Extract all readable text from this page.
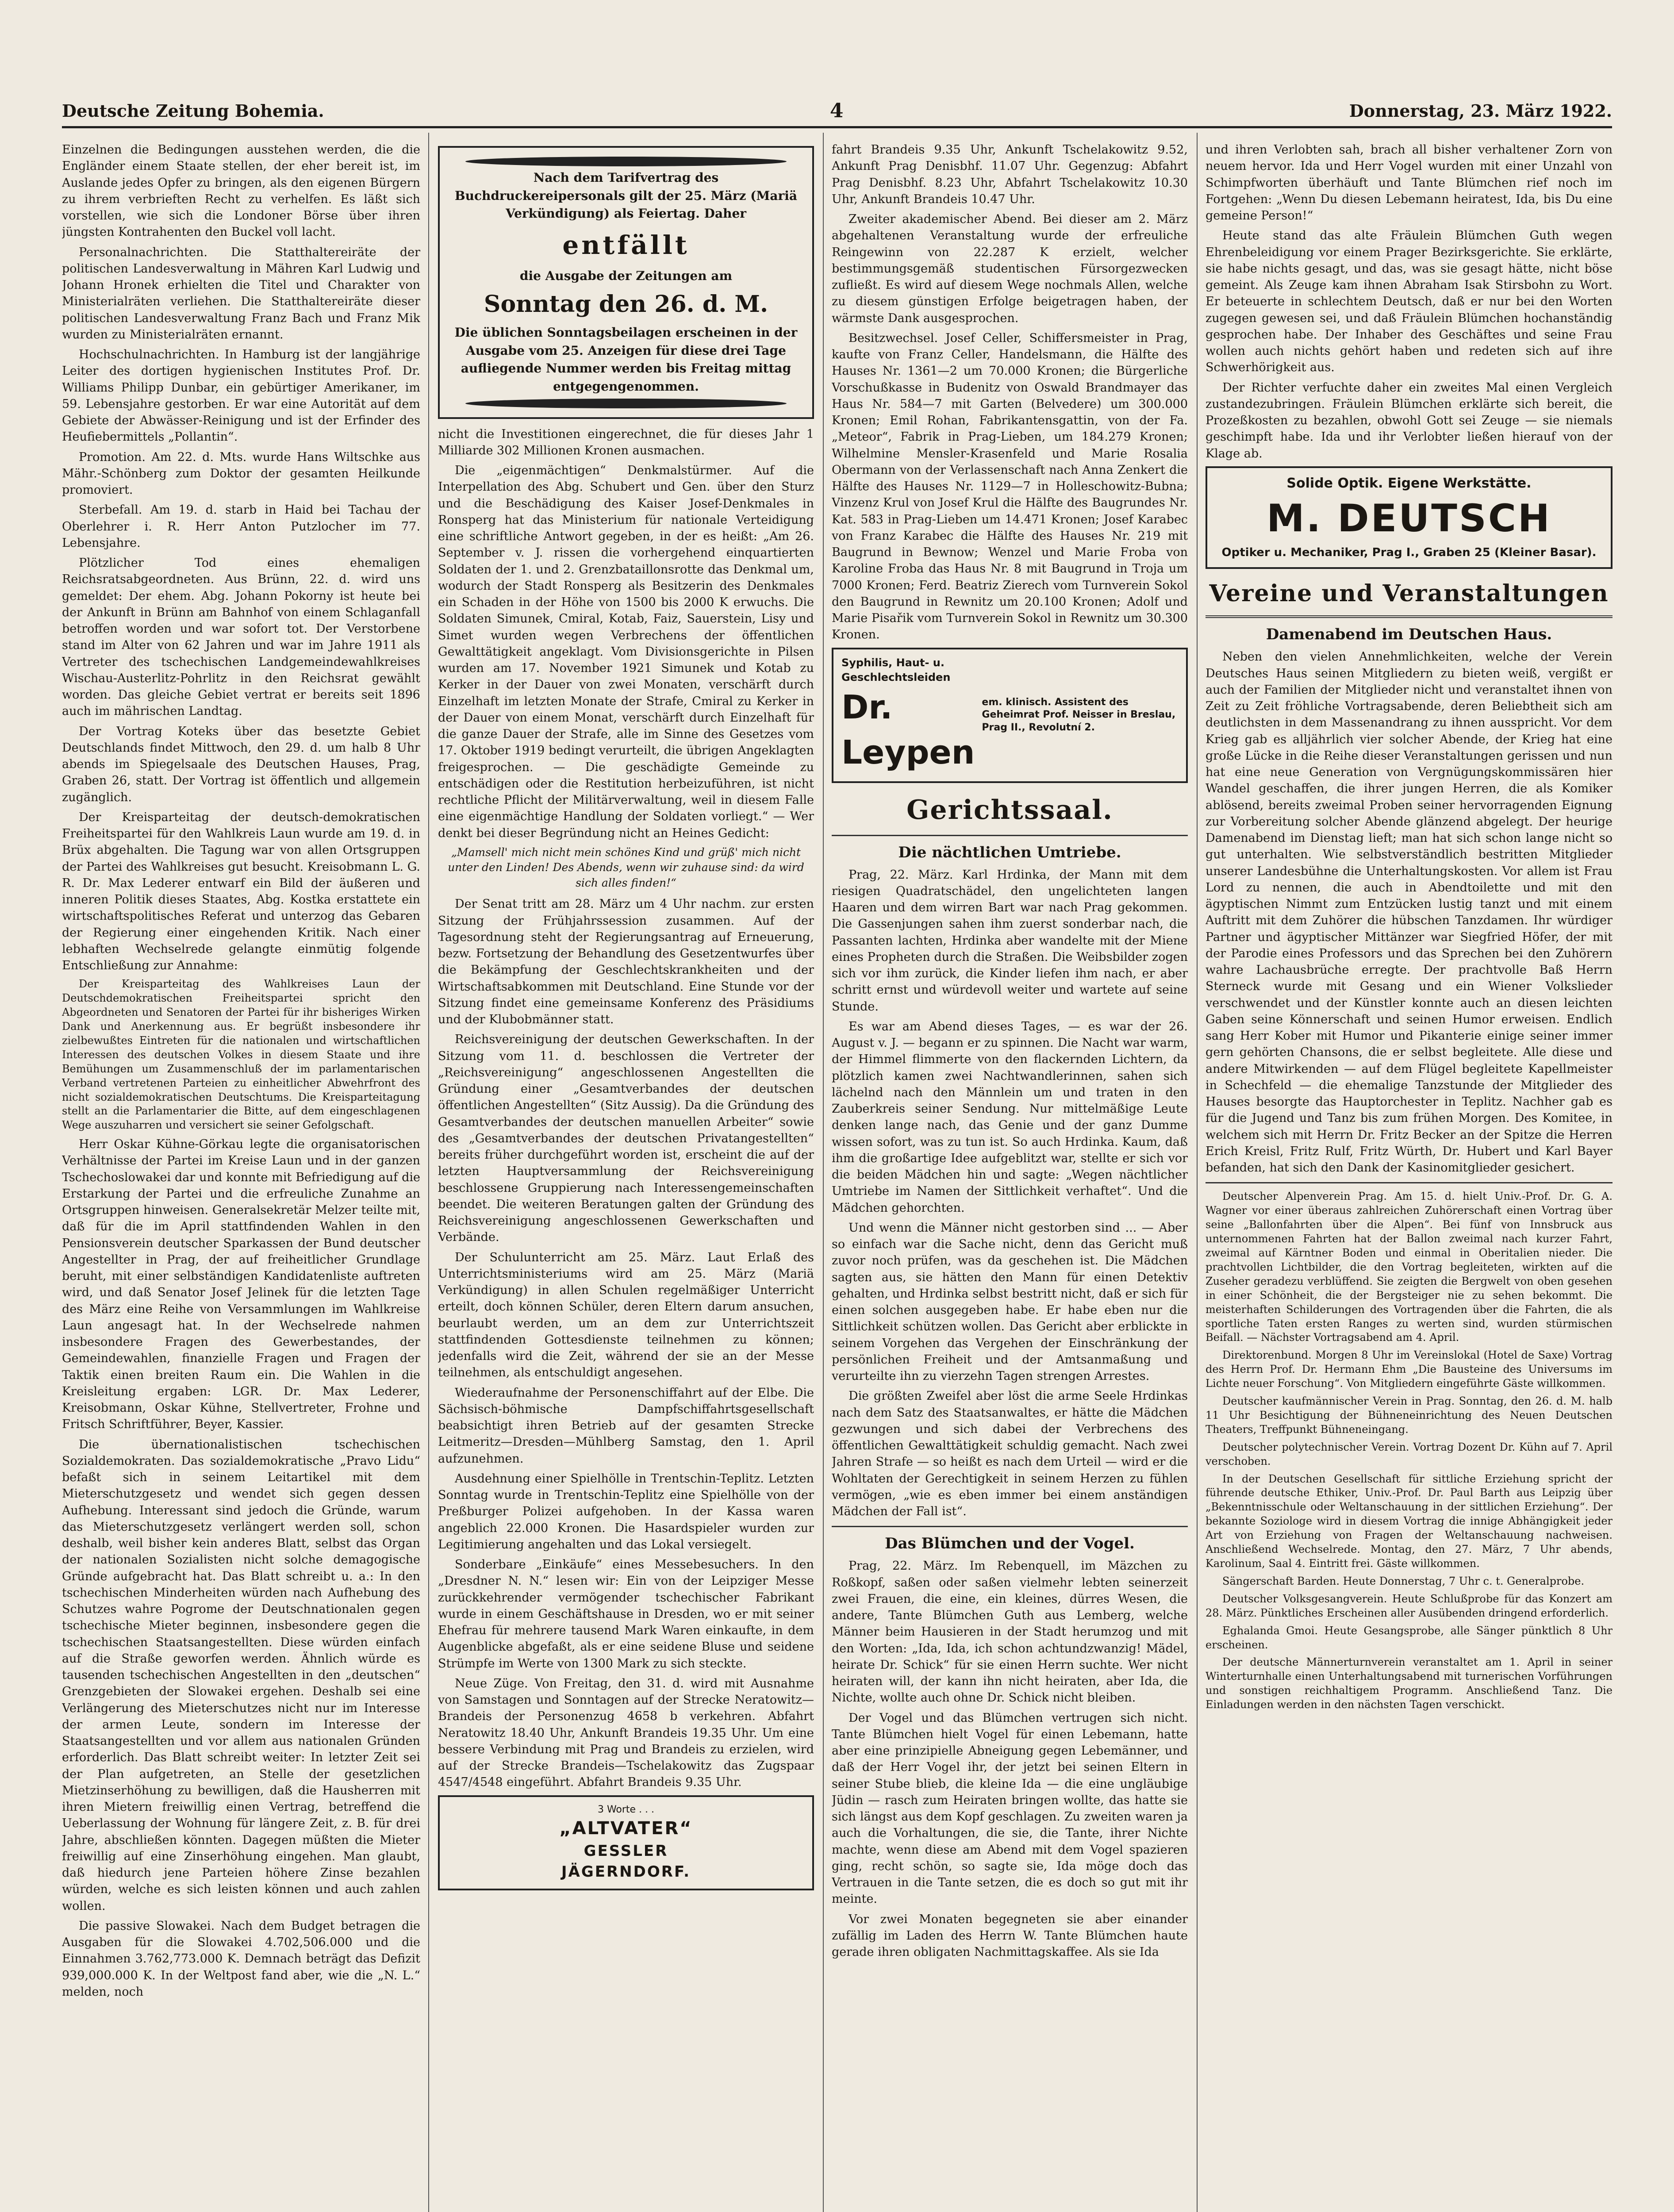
Deutsche Zeitung Bohemia.	4	Donnerstag, 23. März 1922.

Einzelnen die Bedingungen ausstehen werden, die die Engländer einem Staate stellen, der eher bereit ist, im Auslande jedes Opfer zu bringen, als den eigenen Bürgern zu ihrem verbrieften Recht zu verhelfen. Es läßt sich vorstellen, wie sich die Londoner Börse über ihren jüngsten Kontrahenten den Buckel voll lacht.

Personalnachrichten. Die Statthaltereiräte der politischen Landesverwaltung in Mähren Karl Ludwig und Johann Hronek erhielten die Titel und Charakter von Ministerialräten verliehen. Die Statthaltereiräte dieser politischen Landesverwaltung Franz Bach und Franz Mik wurden zu Ministerialräten ernannt.

Hochschulnachrichten. In Hamburg ist der langjährige Leiter des dortigen hygienischen Institutes Prof. Dr. Williams Philipp Dunbar, ein gebürtiger Amerikaner, im 59. Lebensjahre gestorben. Er war eine Autorität auf dem Gebiete der Abwässer-Reinigung und ist der Erfinder des Heufiebermittels „Pollantin“.

Promotion. Am 22. d. Mts. wurde Hans Wiltschke aus Mähr.-Schönberg zum Doktor der gesamten Heilkunde promoviert.

Sterbefall. Am 19. d. starb in Haid bei Tachau der Oberlehrer i. R. Herr Anton Putzlocher im 77. Lebensjahre.

Plötzlicher Tod eines ehemaligen Reichsratsabgeordneten. Aus Brünn, 22. d. wird uns gemeldet: Der ehem. Abg. Johann Pokorny ist heute bei der Ankunft in Brünn am Bahnhof von einem Schlaganfall betroffen worden und war sofort tot. Der Verstorbene stand im Alter von 62 Jahren und war im Jahre 1911 als Vertreter des tschechischen Landgemeindewahlkreises Wischau-Austerlitz-Pohrlitz in den Reichsrat gewählt worden. Das gleiche Gebiet vertrat er bereits seit 1896 auch im mährischen Landtag.

Der Vortrag Koteks über das besetzte Gebiet Deutschlands findet Mittwoch, den 29. d. um halb 8 Uhr abends im Spiegelsaale des Deutschen Hauses, Prag, Graben 26, statt. Der Vortrag ist öffentlich und allgemein zugänglich.

Der Kreisparteitag der deutsch-demokratischen Freiheitspartei für den Wahlkreis Laun wurde am 19. d. in Brüx abgehalten. Die Tagung war von allen Ortsgruppen der Partei des Wahlkreises gut besucht. Kreisobmann L. G. R. Dr. Max Lederer entwarf ein Bild der äußeren und inneren Politik dieses Staates, Abg. Kostka erstattete ein wirtschaftspolitisches Referat und unterzog das Gebaren der Regierung einer eingehenden Kritik. Nach einer lebhaften Wechselrede gelangte einmütig folgende Entschließung zur Annahme:

Der Kreisparteitag des Wahlkreises Laun der Deutschdemokratischen Freiheitspartei spricht den Abgeordneten und Senatoren der Partei für ihr bisheriges Wirken Dank und Anerkennung aus. Er begrüßt insbesondere ihr zielbewußtes Eintreten für die nationalen und wirtschaftlichen Interessen des deutschen Volkes in diesem Staate und ihre Bemühungen um Zusammenschluß der im parlamentarischen Verband vertretenen Parteien zu einheitlicher Abwehrfront des nicht sozialdemokratischen Deutschtums. Die Kreisparteitagung stellt an die Parlamentarier die Bitte, auf dem eingeschlagenen Wege auszuharren und versichert sie seiner Gefolgschaft.

Herr Oskar Kühne-Görkau legte die organisatorischen Verhältnisse der Partei im Kreise Laun und in der ganzen Tschechoslowakei dar und konnte mit Befriedigung auf die Erstarkung der Partei und die erfreuliche Zunahme an Ortsgruppen hinweisen. Generalsekretär Melzer teilte mit, daß für die im April stattfindenden Wahlen in den Pensionsverein deutscher Sparkassen der Bund deutscher Angestellter in Prag, der auf freiheitlicher Grundlage beruht, mit einer selbständigen Kandidatenliste auftreten wird, und daß Senator Josef Jelinek für die letzten Tage des März eine Reihe von Versammlungen im Wahlkreise Laun angesagt hat. In der Wechselrede nahmen insbesondere Fragen des Gewerbestandes, der Gemeindewahlen, finanzielle Fragen und Fragen der Taktik einen breiten Raum ein. Die Wahlen in die Kreisleitung ergaben: LGR. Dr. Max Lederer, Kreisobmann, Oskar Kühne, Stellvertreter, Frohne und Fritsch Schriftführer, Beyer, Kassier.

Die übernationalistischen tschechischen Sozialdemokraten. Das sozialdemokratische „Pravo Lidu“ befaßt sich in seinem Leitartikel mit dem Mieterschutzgesetz und wendet sich gegen dessen Aufhebung. Interessant sind jedoch die Gründe, warum das Mieterschutzgesetz verlängert werden soll, schon deshalb, weil bisher kein anderes Blatt, selbst das Organ der nationalen Sozialisten nicht solche demagogische Gründe aufgebracht hat. Das Blatt schreibt u. a.: In den tschechischen Minderheiten würden nach Aufhebung des Schutzes wahre Pogrome der Deutschnationalen gegen tschechische Mieter beginnen, insbesondere gegen die tschechischen Staatsangestellten. Diese würden einfach auf die Straße geworfen werden. Ähnlich würde es tausenden tschechischen Angestellten in den „deutschen“ Grenzgebieten der Slowakei ergehen. Deshalb sei eine Verlängerung des Mieterschutzes nicht nur im Interesse der armen Leute, sondern im Interesse der Staatsangestellten und vor allem aus nationalen Gründen erforderlich. Das Blatt schreibt weiter: In letzter Zeit sei der Plan aufgetreten, an Stelle der gesetzlichen Mietzinserhöhung zu bewilligen, daß die Hausherren mit ihren Mietern freiwillig einen Vertrag, betreffend die Ueberlassung der Wohnung für längere Zeit, z. B. für drei Jahre, abschließen könnten. Dagegen müßten die Mieter freiwillig auf eine Zinserhöhung eingehen. Man glaubt, daß hiedurch jene Parteien höhere Zinse bezahlen würden, welche es sich leisten können und auch zahlen wollen.

Die passive Slowakei. Nach dem Budget betragen die Ausgaben für die Slowakei 4.702,506.000 und die Einnahmen 3.762,773.000 K. Demnach beträgt das Defizit 939,000.000 K. In der Weltpost fand aber, wie die „N. L.“ melden, noch

Nach dem Tarifvertrag des Buchdruckereipersonals gilt der 25. März (Mariä Verkündigung) als Feiertag. Daher
entfällt
die Ausgabe der Zeitungen am
Sonntag den 26. d. M.
Die üblichen Sonntagsbeilagen erscheinen in der Ausgabe vom 25. Anzeigen für diese drei Tage aufliegende Nummer werden bis Freitag mittag entgegengenommen.

nicht die Investitionen eingerechnet, die für dieses Jahr 1 Milliarde 302 Millionen Kronen ausmachen.

Die „eigenmächtigen“ Denkmalstürmer. Auf die Interpellation des Abg. Schubert und Gen. über den Sturz und die Beschädigung des Kaiser Josef-Denkmales in Ronsperg hat das Ministerium für nationale Verteidigung eine schriftliche Antwort gegeben, in der es heißt: „Am 26. September v. J. rissen die vorhergehend einquartierten Soldaten der 1. und 2. Grenzbataillonsrotte das Denkmal um, wodurch der Stadt Ronsperg als Besitzerin des Denkmales ein Schaden in der Höhe von 1500 bis 2000 K erwuchs. Die Soldaten Simunek, Cmiral, Kotab, Faiz, Sauerstein, Lisy und Simet wurden wegen Verbrechens der öffentlichen Gewalttätigkeit angeklagt. Vom Divisionsgerichte in Pilsen wurden am 17. November 1921 Simunek und Kotab zu Kerker in der Dauer von zwei Monaten, verschärft durch Einzelhaft im letzten Monate der Strafe, Cmiral zu Kerker in der Dauer von einem Monat, verschärft durch Einzelhaft für die ganze Dauer der Strafe, alle im Sinne des Gesetzes vom 17. Oktober 1919 bedingt verurteilt, die übrigen Angeklagten freigesprochen. — Die geschädigte Gemeinde zu entschädigen oder die Restitution herbeizuführen, ist nicht rechtliche Pflicht der Militärverwaltung, weil in diesem Falle eine eigenmächtige Handlung der Soldaten vorliegt.“ — Wer denkt bei dieser Begründung nicht an Heines Gedicht:

„Mamsell' mich nicht mein schönes Kind und grüß' mich nicht unter den Linden! Des Abends, wenn wir zuhause sind: da wird sich alles finden!“

Der Senat tritt am 28. März um 4 Uhr nachm. zur ersten Sitzung der Frühjahrssession zusammen. Auf der Tagesordnung steht der Regierungsantrag auf Erneuerung, bezw. Fortsetzung der Behandlung des Gesetzentwurfes über die Bekämpfung der Geschlechtskrankheiten und der Wirtschaftsabkommen mit Deutschland. Eine Stunde vor der Sitzung findet eine gemeinsame Konferenz des Präsidiums und der Klubobmänner statt.

Reichsvereinigung der deutschen Gewerkschaften. In der Sitzung vom 11. d. beschlossen die Vertreter der „Reichsvereinigung“ angeschlossenen Angestellten die Gründung einer „Gesamtverbandes der deutschen öffentlichen Angestellten“ (Sitz Aussig). Da die Gründung des Gesamtverbandes der deutschen manuellen Arbeiter“ sowie des „Gesamtverbandes der deutschen Privatangestellten“ bereits früher durchgeführt worden ist, erscheint die auf der letzten Hauptversammlung der Reichsvereinigung beschlossene Gruppierung nach Interessengemeinschaften beendet. Die weiteren Beratungen galten der Gründung des Reichsvereinigung angeschlossenen Gewerkschaften und Verbände.

Der Schulunterricht am 25. März. Laut Erlaß des Unterrichtsministeriums wird am 25. März (Mariä Verkündigung) in allen Schulen regelmäßiger Unterricht erteilt, doch können Schüler, deren Eltern darum ansuchen, beurlaubt werden, um an dem zur Unterrichtszeit stattfindenden Gottesdienste teilnehmen zu können; jedenfalls wird die Zeit, während der sie an der Messe teilnehmen, als entschuldigt angesehen.

Wiederaufnahme der Personenschiffahrt auf der Elbe. Die Sächsisch-böhmische Dampfschiffahrtsgesellschaft beabsichtigt ihren Betrieb auf der gesamten Strecke Leitmeritz—Dresden—Mühlberg Samstag, den 1. April aufzunehmen.

Ausdehnung einer Spielhölle in Trentschin-Teplitz. Letzten Sonntag wurde in Trentschin-Teplitz eine Spielhölle von der Preßburger Polizei aufgehoben. In der Kassa waren angeblich 22.000 Kronen. Die Hasardspieler wurden zur Legitimierung angehalten und das Lokal versiegelt.

Sonderbare „Einkäufe“ eines Messebesuchers. In den „Dresdner N. N.“ lesen wir: Ein von der Leipziger Messe zurückkehrender vermögender tschechischer Fabrikant wurde in einem Geschäftshause in Dresden, wo er mit seiner Ehefrau für mehrere tausend Mark Waren einkaufte, in dem Augenblicke abgefaßt, als er eine seidene Bluse und seidene Strümpfe im Werte von 1300 Mark zu sich steckte.

Neue Züge. Von Freitag, den 31. d. wird mit Ausnahme von Samstagen und Sonntagen auf der Strecke Neratowitz—Brandeis der Personenzug 4658 b verkehren. Abfahrt Neratowitz 18.40 Uhr, Ankunft Brandeis 19.35 Uhr. Um eine bessere Verbindung mit Prag und Brandeis zu erzielen, wird auf der Strecke Brandeis—Tschelakowitz das Zugspaar 4547/4548 eingeführt. Abfahrt Brandeis 9.35 Uhr.

3 Worte . . .
„ALTVATER“
GESSLER
JÄGERNDORF.

fahrt Brandeis 9.35 Uhr, Ankunft Tschelakowitz 9.52, Ankunft Prag Denisbhf. 11.07 Uhr. Gegenzug: Abfahrt Prag Denisbhf. 8.23 Uhr, Abfahrt Tschelakowitz 10.30 Uhr, Ankunft Brandeis 10.47 Uhr.

Zweiter akademischer Abend. Bei dieser am 2. März abgehaltenen Veranstaltung wurde der erfreuliche Reingewinn von 22.287 K erzielt, welcher bestimmungsgemäß studentischen Fürsorgezwecken zufließt. Es wird auf diesem Wege nochmals Allen, welche zu diesem günstigen Erfolge beigetragen haben, der wärmste Dank ausgesprochen.

Besitzwechsel. Josef Celler, Schiffersmeister in Prag, kaufte von Franz Celler, Handelsmann, die Hälfte des Hauses Nr. 1361—2 um 70.000 Kronen; die Bürgerliche Vorschußkasse in Budenitz von Oswald Brandmayer das Haus Nr. 584—7 mit Garten (Belvedere) um 300.000 Kronen; Emil Rohan, Fabrikantensgattin, von der Fa. „Meteor“, Fabrik in Prag-Lieben, um 184.279 Kronen; Wilhelmine Mensler-Krasenfeld und Marie Rosalia Obermann von der Verlassenschaft nach Anna Zenkert die Hälfte des Hauses Nr. 1129—7 in Holleschowitz-Bubna; Vinzenz Krul von Josef Krul die Hälfte des Baugrundes Nr. Kat. 583 in Prag-Lieben um 14.471 Kronen; Josef Karabec von Franz Karabec die Hälfte des Hauses Nr. 219 mit Baugrund in Bewnow; Wenzel und Marie Froba von Karoline Froba das Haus Nr. 8 mit Baugrund in Troja um 7000 Kronen; Ferd. Beatriz Zierech vom Turnverein Sokol den Baugrund in Rewnitz um 20.100 Kronen; Adolf und Marie Pisařik vom Turnverein Sokol in Rewnitz um 30.300 Kronen.

Syphilis, Haut- u. Geschlechtsleiden
Dr. Leypen
em. klinisch. Assistent des Geheimrat Prof. Neisser in Breslau, Prag II., Revolutní 2.
Gerichtssaal.
Die nächtlichen Umtriebe.

Prag, 22. März. Karl Hrdinka, der Mann mit dem riesigen Quadratschädel, den ungelichteten langen Haaren und dem wirren Bart war nach Prag gekommen. Die Gassenjungen sahen ihm zuerst sonderbar nach, die Passanten lachten, Hrdinka aber wandelte mit der Miene eines Propheten durch die Straßen. Die Weibsbilder zogen sich vor ihm zurück, die Kinder liefen ihm nach, er aber schritt ernst und würdevoll weiter und wartete auf seine Stunde.

Es war am Abend dieses Tages, — es war der 26. August v. J. — begann er zu spinnen. Die Nacht war warm, der Himmel flimmerte von den flackernden Lichtern, da plötzlich kamen zwei Nachtwandlerinnen, sahen sich lächelnd nach den Männlein um und traten in den Zauberkreis seiner Sendung. Nur mittelmäßige Leute denken lange nach, das Genie und der ganz Dumme wissen sofort, was zu tun ist. So auch Hrdinka. Kaum, daß ihm die großartige Idee aufgeblitzt war, stellte er sich vor die beiden Mädchen hin und sagte: „Wegen nächtlicher Umtriebe im Namen der Sittlichkeit verhaftet“. Und die Mädchen gehorchten.

Und wenn die Männer nicht gestorben sind ... — Aber so einfach war die Sache nicht, denn das Gericht muß zuvor noch prüfen, was da geschehen ist. Die Mädchen sagten aus, sie hätten den Mann für einen Detektiv gehalten, und Hrdinka selbst bestritt nicht, daß er sich für einen solchen ausgegeben habe. Er habe eben nur die Sittlichkeit schützen wollen. Das Gericht aber erblickte in seinem Vorgehen das Vergehen der Einschränkung der persönlichen Freiheit und der Amtsanmaßung und verurteilte ihn zu vierzehn Tagen strengen Arrestes.

Die größten Zweifel aber löst die arme Seele Hrdinkas nach dem Satz des Staatsanwaltes, er hätte die Mädchen gezwungen und sich dabei der Verbrechens des öffentlichen Gewalttätigkeit schuldig gemacht. Nach zwei Jahren Strafe — so heißt es nach dem Urteil — wird er die Wohltaten der Gerechtigkeit in seinem Herzen zu fühlen vermögen, „wie es eben immer bei einem anständigen Mädchen der Fall ist“.

Das Blümchen und der Vogel.

Prag, 22. März. Im Rebenquell, im Mäzchen zu Roßkopf, saßen oder saßen vielmehr lebten seinerzeit zwei Frauen, die eine, ein kleines, dürres Wesen, die andere, Tante Blümchen Guth aus Lemberg, welche Männer beim Hausieren in der Stadt herumzog und mit den Worten: „Ida, Ida, ich schon achtundzwanzig! Mädel, heirate Dr. Schick“ für sie einen Herrn suchte. Wer nicht heiraten will, der kann ihn nicht heiraten, aber Ida, die Nichte, wollte auch ohne Dr. Schick nicht bleiben.

Der Vogel und das Blümchen vertrugen sich nicht. Tante Blümchen hielt Vogel für einen Lebemann, hatte aber eine prinzipielle Abneigung gegen Lebemänner, und daß der Herr Vogel ihr, der jetzt bei seinen Eltern in seiner Stube blieb, die kleine Ida — die eine ungläubige Jüdin — rasch zum Heiraten bringen wollte, das hatte sie sich längst aus dem Kopf geschlagen. Zu zweiten waren ja auch die Vorhaltungen, die sie, die Tante, ihrer Nichte machte, wenn diese am Abend mit dem Vogel spazieren ging, recht schön, so sagte sie, Ida möge doch das Vertrauen in die Tante setzen, die es doch so gut mit ihr meinte.

Vor zwei Monaten begegneten sie aber einander zufällig im Laden des Herrn W. Tante Blümchen haute gerade ihren obligaten Nachmittagskaffee. Als sie Ida

und ihren Verlobten sah, brach all bisher verhaltener Zorn von neuem hervor. Ida und Herr Vogel wurden mit einer Unzahl von Schimpfworten überhäuft und Tante Blümchen rief noch im Fortgehen: „Wenn Du diesen Lebemann heiratest, Ida, bis Du eine gemeine Person!“

Heute stand das alte Fräulein Blümchen Guth wegen Ehrenbeleidigung vor einem Prager Bezirksgerichte. Sie erklärte, sie habe nichts gesagt, und das, was sie gesagt hätte, nicht böse gemeint. Als Zeuge kam ihnen Abraham Isak Stirsbohn zu Wort. Er beteuerte in schlechtem Deutsch, daß er nur bei den Worten zugegen gewesen sei, und daß Fräulein Blümchen hochanständig gesprochen habe. Der Inhaber des Geschäftes und seine Frau wollen auch nichts gehört haben und redeten sich auf ihre Schwerhörigkeit aus.

Der Richter verfuchte daher ein zweites Mal einen Vergleich zustandezubringen. Fräulein Blümchen erklärte sich bereit, die Prozeßkosten zu bezahlen, obwohl Gott sei Zeuge — sie niemals geschimpft habe. Ida und ihr Verlobter ließen hierauf von der Klage ab.

Solide Optik. Eigene Werkstätte.
M. DEUTSCH
Optiker u. Mechaniker, Prag I., Graben 25 (Kleiner Basar).
Vereine und Veranstaltungen
Damenabend im Deutschen Haus.

Neben den vielen Annehmlichkeiten, welche der Verein Deutsches Haus seinen Mitgliedern zu bieten weiß, vergißt er auch der Familien der Mitglieder nicht und veranstaltet ihnen von Zeit zu Zeit fröhliche Vortragsabende, deren Beliebtheit sich am deutlichsten in dem Massenandrang zu ihnen ausspricht. Vor dem Krieg gab es alljährlich vier solcher Abende, der Krieg hat eine große Lücke in die Reihe dieser Veranstaltungen gerissen und nun hat eine neue Generation von Vergnügungskommissären hier Wandel geschaffen, die ihrer jungen Herren, die als Komiker ablösend, bereits zweimal Proben seiner hervorragenden Eignung zur Vorbereitung solcher Abende glänzend abgelegt. Der heurige Damenabend im Dienstag lieft; man hat sich schon lange nicht so gut unterhalten. Wie selbstverständlich bestritten Mitglieder unserer Landesbühne die Unterhaltungskosten. Vor allem ist Frau Lord zu nennen, die auch in Abendtoilette und mit den ägyptischen Nimmt zum Entzücken lustig tanzt und mit einem Auftritt mit dem Zuhörer die hübschen Tanzdamen. Ihr würdiger Partner und ägyptischer Mittänzer war Siegfried Höfer, der mit der Parodie eines Professors und das Sprechen bei den Zuhörern wahre Lachausbrüche erregte. Der prachtvolle Baß Herrn Sterneck wurde mit Gesang und ein Wiener Volkslieder verschwendet und der Künstler konnte auch an diesen leichten Gaben seine Könnerschaft und seinen Humor erweisen. Endlich sang Herr Kober mit Humor und Pikanterie einige seiner immer gern gehörten Chansons, die er selbst begleitete. Alle diese und andere Mitwirkenden — auf dem Flügel begleitete Kapellmeister in Schechfeld — die ehemalige Tanzstunde der Mitglieder des Hauses besorgte das Hauptorchester in Teplitz. Nachher gab es für die Jugend und Tanz bis zum frühen Morgen. Des Komitee, in welchem sich mit Herrn Dr. Fritz Becker an der Spitze die Herren Erich Kreisl, Fritz Rulf, Fritz Würth, Dr. Hubert und Karl Bayer befanden, hat sich den Dank der Kasinomitglieder gesichert.

Deutscher Alpenverein Prag. Am 15. d. hielt Univ.-Prof. Dr. G. A. Wagner vor einer überaus zahlreichen Zuhörerschaft einen Vortrag über seine „Ballonfahrten über die Alpen“. Bei fünf von Innsbruck aus unternommenen Fahrten hat der Ballon zweimal nach kurzer Fahrt, zweimal auf Kärntner Boden und einmal in Oberitalien nieder. Die prachtvollen Lichtbilder, die den Vortrag begleiteten, wirkten auf die Zuseher geradezu verblüffend. Sie zeigten die Bergwelt von oben gesehen in einer Schönheit, die der Bergsteiger nie zu sehen bekommt. Die meisterhaften Schilderungen des Vortragenden über die Fahrten, die als sportliche Taten ersten Ranges zu werten sind, wurden stürmischen Beifall. — Nächster Vortragsabend am 4. April.

Direktorenbund. Morgen 8 Uhr im Vereinslokal (Hotel de Saxe) Vortrag des Herrn Prof. Dr. Hermann Ehm „Die Bausteine des Universums im Lichte neuer Forschung“. Von Mitgliedern eingeführte Gäste willkommen.

Deutscher kaufmännischer Verein in Prag. Sonntag, den 26. d. M. halb 11 Uhr Besichtigung der Bühneneinrichtung des Neuen Deutschen Theaters, Treffpunkt Bühneneingang.

Deutscher polytechnischer Verein. Vortrag Dozent Dr. Kühn auf 7. April verschoben.

In der Deutschen Gesellschaft für sittliche Erziehung spricht der führende deutsche Ethiker, Univ.-Prof. Dr. Paul Barth aus Leipzig über „Bekenntnisschule oder Weltanschauung in der sittlichen Erziehung“. Der bekannte Soziologe wird in diesem Vortrag die innige Abhängigkeit jeder Art von Erziehung von Fragen der Weltanschauung nachweisen. Anschließend Wechselrede. Montag, den 27. März, 7 Uhr abends, Karolinum, Saal 4. Eintritt frei. Gäste willkommen.

Sängerschaft Barden. Heute Donnerstag, 7 Uhr c. t. Generalprobe.

Deutscher Volksgesangverein. Heute Schlußprobe für das Konzert am 28. März. Pünktliches Erscheinen aller Ausübenden dringend erforderlich.

Eghalanda Gmoi. Heute Gesangsprobe, alle Sänger pünktlich 8 Uhr erscheinen.

Der deutsche Männerturnverein veranstaltet am 1. April in seiner Winterturnhalle einen Unterhaltungsabend mit turnerischen Vorführungen und sonstigen reichhaltigem Programm. Anschließend Tanz. Die Einladungen werden in den nächsten Tagen verschickt.
